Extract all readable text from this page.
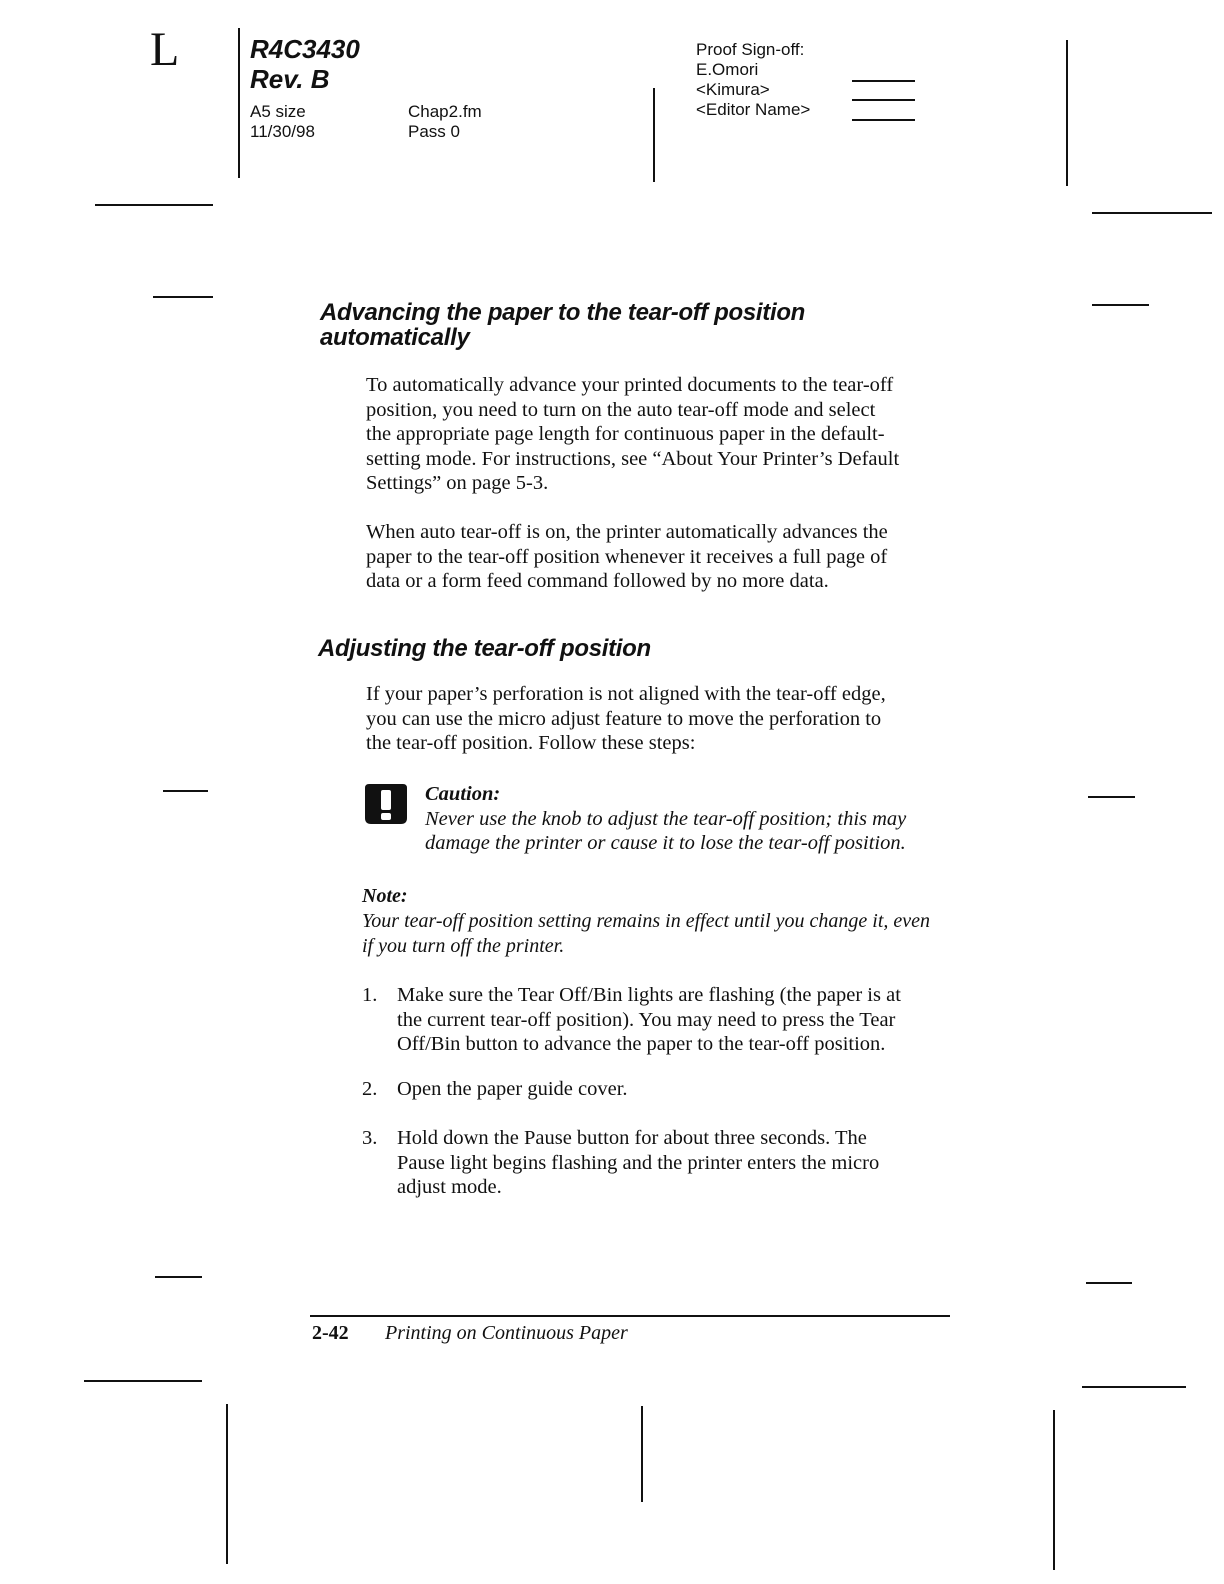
L	R4C3430
Rev. B
A5 size
11/30/98
Chap2.fm
Pass 0
Proof Sign-off:
E.Omori
<Kimura>
<Editor Name>
Advancing the paper to the tear-off position
automatically
To automatically advance your printed documents to the tear-off
position, you need to turn on the auto tear-off mode and select
the appropriate page length for continuous paper in the default-
setting mode. For instructions, see “About Your Printer’s Default
Settings” on page 5-3.
When auto tear-off is on, the printer automatically advances the
paper to the tear-off position whenever it receives a full page of
data or a form feed command followed by no more data.
Adjusting the tear-off position
If your paper’s perforation is not aligned with the tear-off edge,
you can use the micro adjust feature to move the perforation to
the tear-off position. Follow these steps:
Caution:
Never use the knob to adjust the tear-off position; this may
damage the printer or cause it to lose the tear-off position.
Note:
Your tear-off position setting remains in effect until you change it, even
if you turn off the printer.
1. Make sure the Tear Off/Bin lights are flashing (the paper is at
the current tear-off position). You may need to press the Tear
Off/Bin button to advance the paper to the tear-off position.
2. Open the paper guide cover.
3. Hold down the Pause button for about three seconds. The
Pause light begins flashing and the printer enters the micro
adjust mode.
2-42 Printing on Continuous Paper
